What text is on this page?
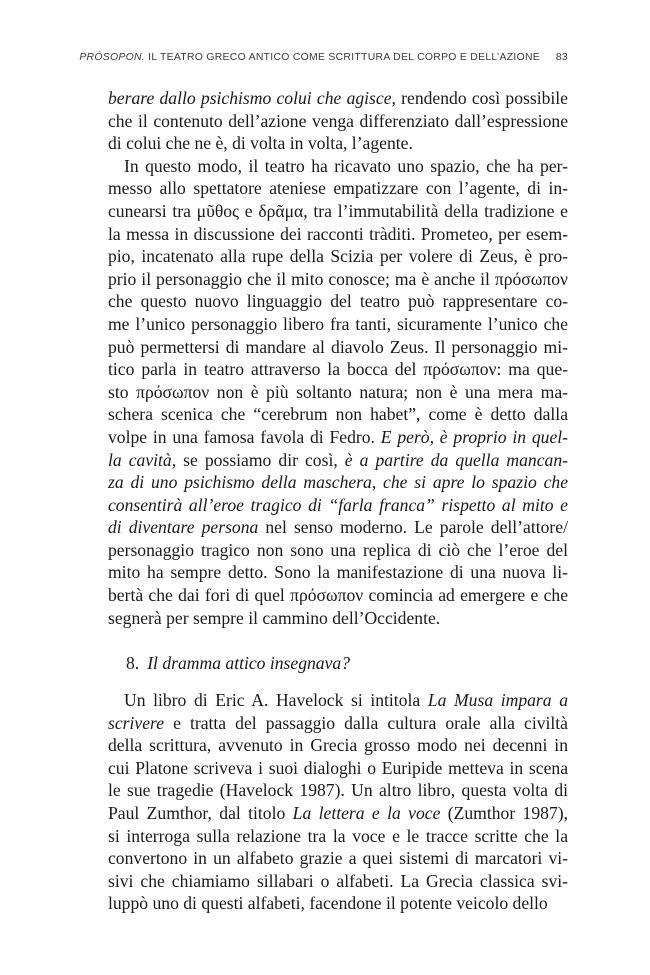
PRÓSOPON. IL TEATRO GRECO ANTICO COME SCRITTURA DEL CORPO E DELL’AZIONE 83
berare dallo psichismo colui che agisce, rendendo così possibile
che il contenuto dell’azione venga differenziato dall’espressione
di colui che ne è, di volta in volta, l’agente.
In questo modo, il teatro ha ricavato uno spazio, che ha per-
messo allo spettatore ateniese empatizzare con l’agente, di in-
cunearsi tra μῦθος e δρᾶμα, tra l’immutabilità della tradizione e
la messa in discussione dei racconti tràditi. Prometeo, per esem-
pio, incatenato alla rupe della Scizia per volere di Zeus, è pro-
prio il personaggio che il mito conosce; ma è anche il πρόσωπον
che questo nuovo linguaggio del teatro può rappresentare co-
me l’unico personaggio libero fra tanti, sicuramente l’unico che
può permettersi di mandare al diavolo Zeus. Il personaggio mi-
tico parla in teatro attraverso la bocca del πρόσωπον: ma que-
sto πρόσωπον non è più soltanto natura; non è una mera ma-
schera scenica che “cerebrum non habet”, come è detto dalla
volpe in una famosa favola di Fedro. E però, è proprio in quel-
la cavità, se possiamo dir così, è a partire da quella mancan-
za di uno psichismo della maschera, che si apre lo spazio che
consentirà all’eroe tragico di “farla franca” rispetto al mito e
di diventare persona nel senso moderno. Le parole dell’attore/
personaggio tragico non sono una replica di ciò che l’eroe del
mito ha sempre detto. Sono la manifestazione di una nuova li-
bertà che dai fori di quel πρόσωπον comincia ad emergere e che
segnerà per sempre il cammino dell’Occidente.
8. Il dramma attico insegnava?
Un libro di Eric A. Havelock si intitola La Musa impara a
scrivere e tratta del passaggio dalla cultura orale alla civiltà
della scrittura, avvenuto in Grecia grosso modo nei decenni in
cui Platone scriveva i suoi dialoghi o Euripide metteva in scena
le sue tragedie (Havelock 1987). Un altro libro, questa volta di
Paul Zumthor, dal titolo La lettera e la voce (Zumthor 1987),
si interroga sulla relazione tra la voce e le tracce scritte che la
convertono in un alfabeto grazie a quei sistemi di marcatori vi-
sivi che chiamiamo sillabari o alfabeti. La Grecia classica svi-
luppò uno di questi alfabeti, facendone il potente veicolo dello
